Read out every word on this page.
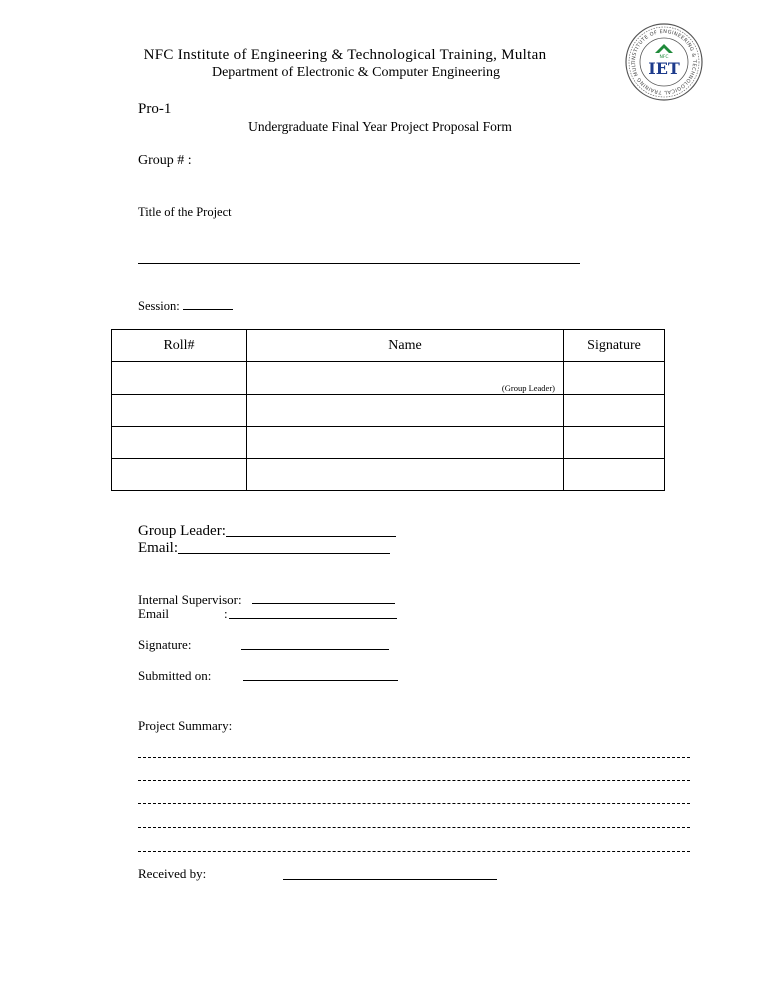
NFC Institute of Engineering & Technological Training, Multan
Department of Electronic & Computer Engineering
INSTITUTE OF ENGINEERING & TECHNOLOGICAL TRAINING MULT
NFC
IET
Pro-1
Undergraduate Final Year Project Proposal Form
Group # :
Title of the Project
Session:
Roll#	Name	Signature
	(Group Leader)	

Group Leader:
Email:
Internal Supervisor:
Email	:
Signature:
Submitted on:
Project Summary:
Received by:
